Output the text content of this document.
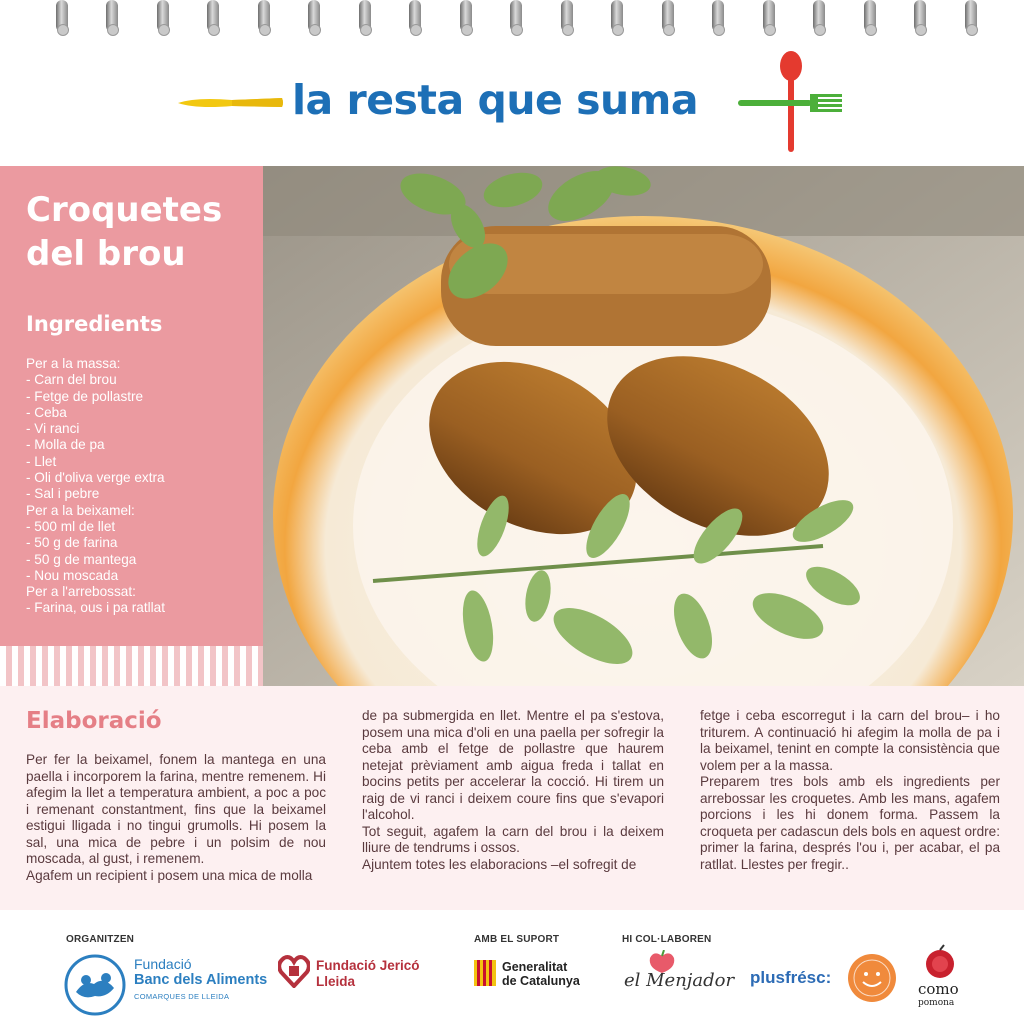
la resta que suma
Croquetes
del brou
Ingredients
Per a la massa:
- Carn del brou
- Fetge de pollastre
- Ceba
- Vi ranci
- Molla de pa
- Llet
- Oli d'oliva verge extra
- Sal i pebre
Per a la beixamel:
- 500 ml de llet
- 50 g de farina
- 50 g de mantega
- Nou moscada
Per a l'arrebossat:
- Farina, ous i pa ratllat
Elaboració

Per fer la beixamel, fonem la mantega en una paella i incorporem la farina, mentre remenem. Hi afegim la llet a temperatura ambient, a poc a poc i remenant constantment, fins que la beixamel estigui lligada i no tingui grumolls. Hi posem la sal, una mica de pebre i un polsim de nou moscada, al gust, i remenem.

Agafem un recipient i posem una mica de molla

de pa submergida en llet. Mentre el pa s'estova, posem una mica d'oli en una paella per sofregir la ceba amb el fetge de pollastre que haurem netejat prèviament amb aigua freda i tallat en bocins petits per accelerar la cocció. Hi tirem un raig de vi ranci i deixem coure fins que s'evapori l'alcohol.

Tot seguit, agafem la carn del brou i la deixem lliure de tendrums i ossos.

Ajuntem totes les elaboracions –el sofregit de

fetge i ceba escorregut i la carn del brou– i ho triturem. A continuació hi afegim la molla de pa i la beixamel, tenint en compte la consistència que volem per a la massa.

Preparem tres bols amb els ingredients per arrebossar les croquetes. Amb les mans, agafem porcions i les hi donem forma. Passem la croqueta per cadascun dels bols en aquest ordre: primer la farina, després l'ou i, per acabar, el pa ratllat. Llestes per fregir..

ORGANITZEN	AMB EL SUPORT	HI COL·LABOREN
Fundació
Banc dels Aliments
COMARQUES DE LLEIDA
Fundació Jericó
Lleida
Generalitat
de Catalunya el Menjador plusfrésc:
como
pomona
